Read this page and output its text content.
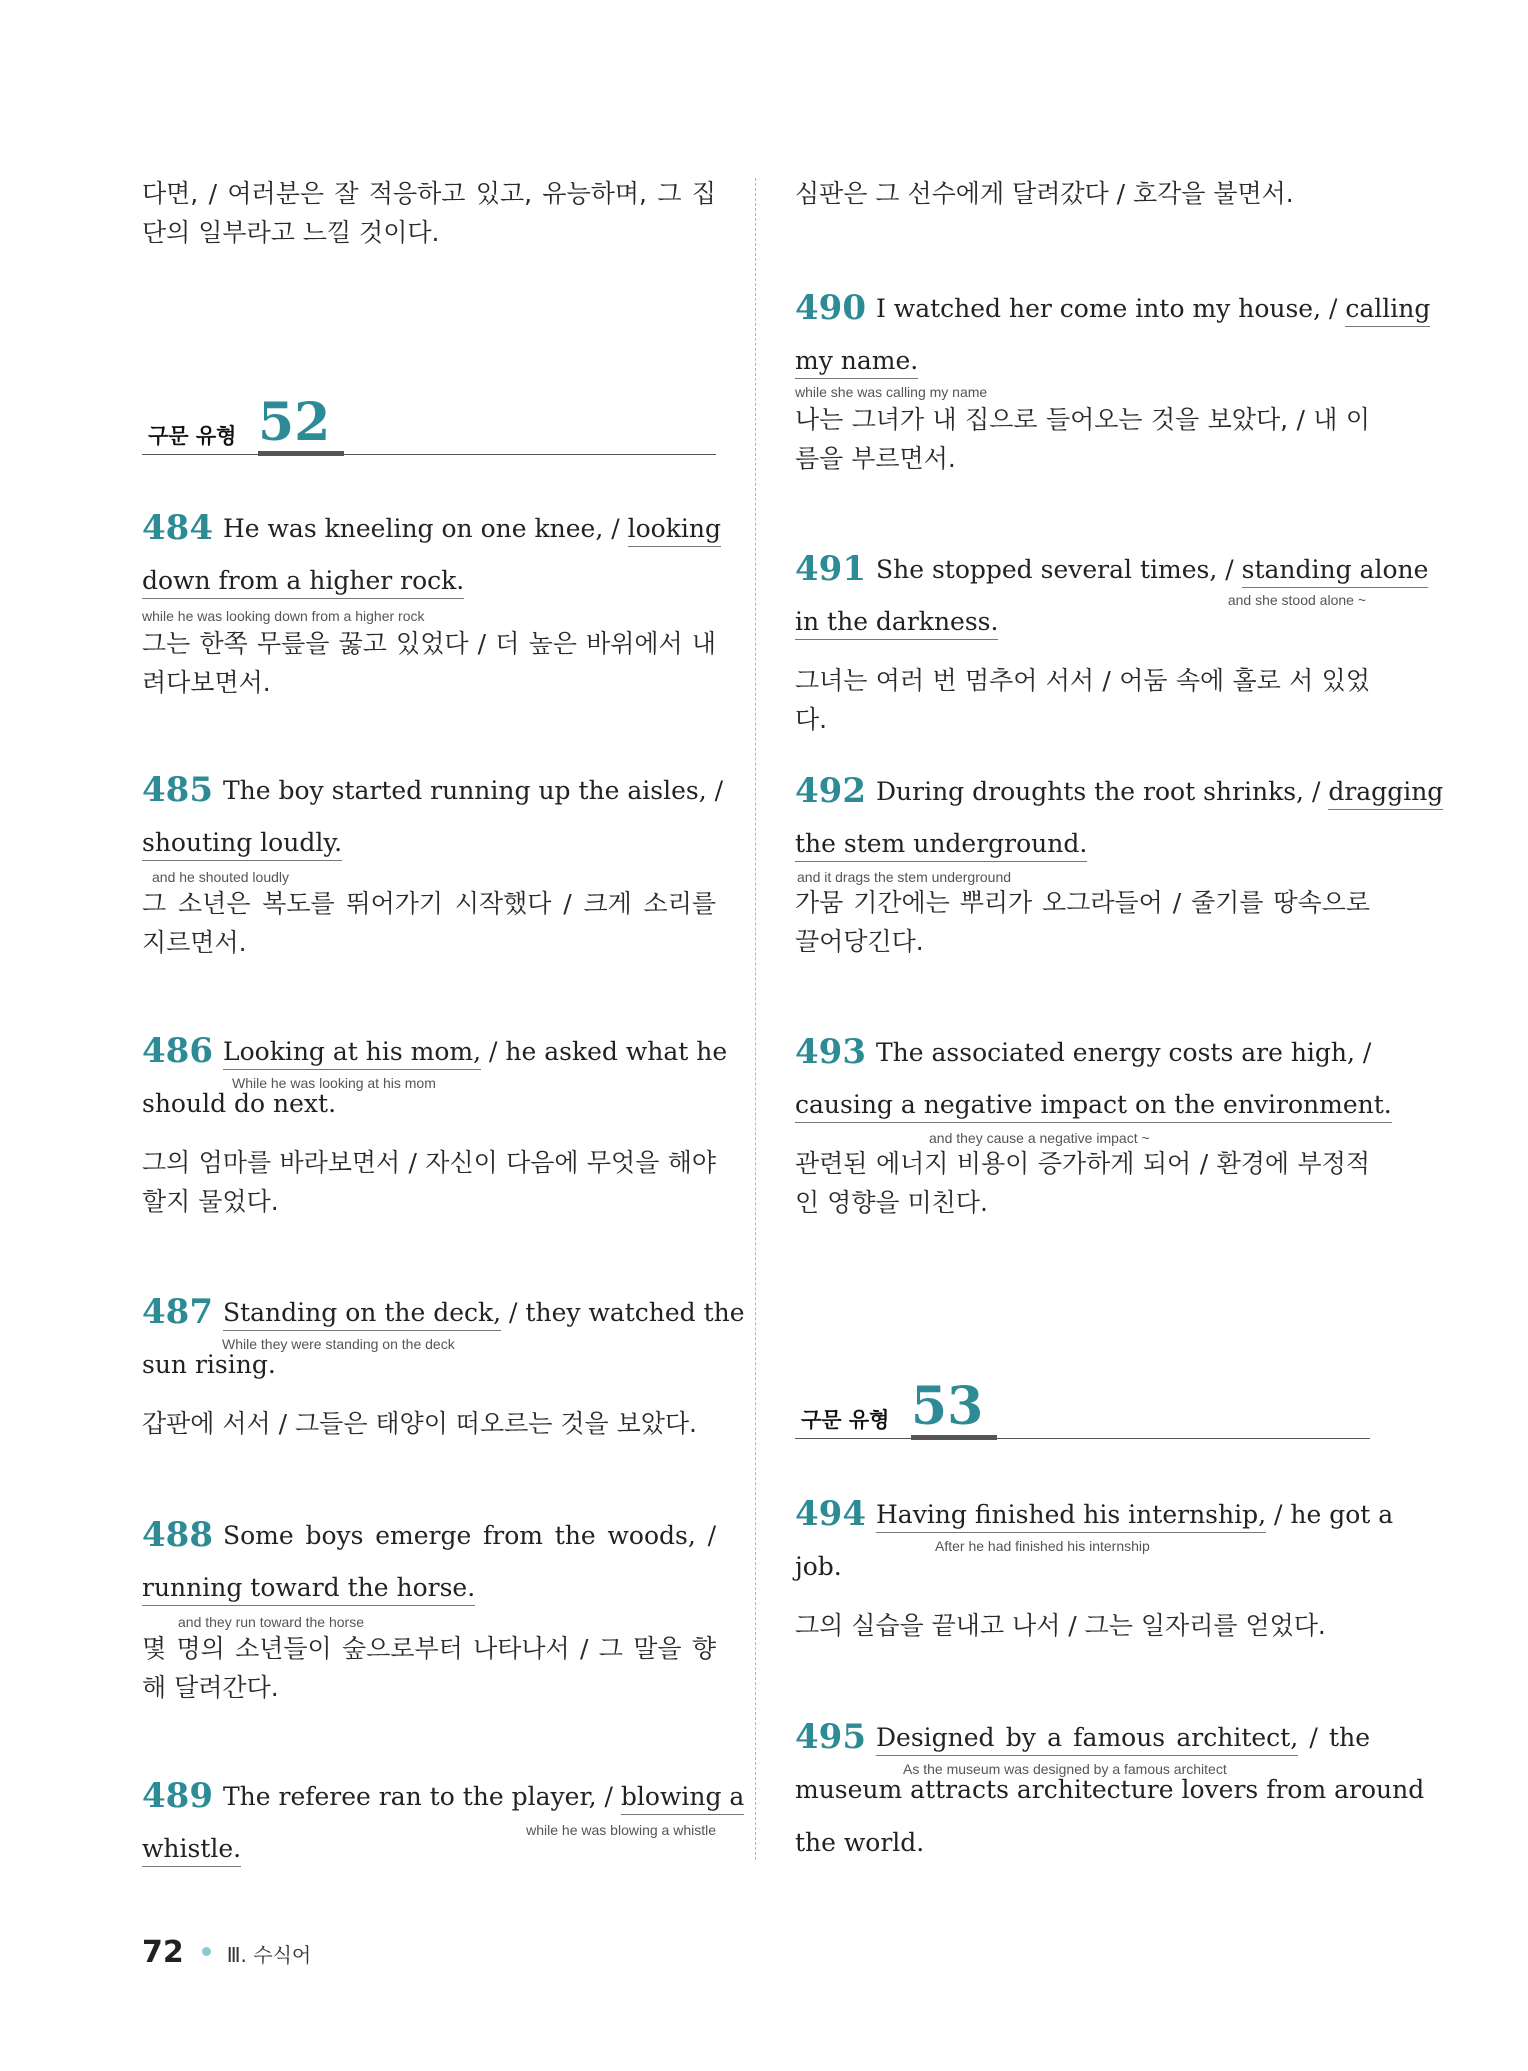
다면, / 여러분은 잘 적응하고 있고, 유능하며, 그 집단의 일부라고 느낄 것이다.
구문 유형 52
484 He was kneeling on one knee, / looking
down from a higher rock.
while he was looking down from a higher rock
그는 한쪽 무릎을 꿇고 있었다 / 더 높은 바위에서 내려다보면서.
485 The boy started running up the aisles, /
shouting loudly.
and he shouted loudly
그 소년은 복도를 뛰어가기 시작했다 / 크게 소리를 지르면서.
486 Looking at his mom, / he asked what he
While he was looking at his mom
should do next.
그의 엄마를 바라보면서 / 자신이 다음에 무엇을 해야 할지 물었다.
487 Standing on the deck, / they watched the
While they were standing on the deck
sun rising.
갑판에 서서 / 그들은 태양이 떠오르는 것을 보았다.
488 Some boys emerge from the woods, /
running toward the horse.
and they run toward the horse
몇 명의 소년들이 숲으로부터 나타나서 / 그 말을 향해 달려간다.
489 The referee ran to the player, / blowing a
while he was blowing a whistle
whistle.
심판은 그 선수에게 달려갔다 / 호각을 불면서.
490 I watched her come into my house, / calling
my name.
while she was calling my name
나는 그녀가 내 집으로 들어오는 것을 보았다, / 내 이름을 부르면서.
491 She stopped several times, / standing alone
and she stood alone ~
in the darkness.
그녀는 여러 번 멈추어 서서 / 어둠 속에 홀로 서 있었다.
492 During droughts the root shrinks, / dragging
the stem underground.
and it drags the stem underground
가뭄 기간에는 뿌리가 오그라들어 / 줄기를 땅속으로 끌어당긴다.
493 The associated energy costs are high, /
causing a negative impact on the environment.
and they cause a negative impact ~
관련된 에너지 비용이 증가하게 되어 / 환경에 부정적인 영향을 미친다.
구문 유형 53
494 Having finished his internship, / he got a
After he had finished his internship
job.
그의 실습을 끝내고 나서 / 그는 일자리를 얻었다.
495 Designed by a famous architect, / the
As the museum was designed by a famous architect
museum attracts architecture lovers from around
the world.
72 Ⅲ. 수식어
